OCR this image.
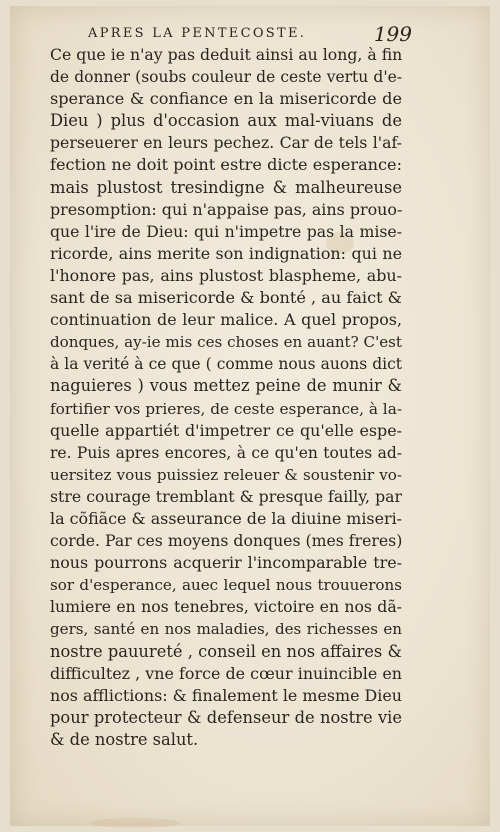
APRES LA PENTECOSTE.	199
Ce que ie n'ay pas deduit ainsi au long, à fin
de donner (soubs couleur de ceste vertu d'e-
sperance & confiance en la misericorde de
Dieu ) plus d'occasion aux mal-viuans de
perseuerer en leurs pechez. Car de tels l'af-
fection ne doit point estre dicte esperance:
mais plustost tresindigne & malheureuse
presomption: qui n'appaise pas, ains prouo-
que l'ire de Dieu: qui n'impetre pas la mise-
ricorde, ains merite son indignation: qui ne
l'honore pas, ains plustost blaspheme, abu-
sant de sa misericorde & bonté , au faict &
continuation de leur malice. A quel propos,
donques, ay-ie mis ces choses en auant? C'est
à la verité à ce que ( comme nous auons dict
naguieres ) vous mettez peine de munir &
fortifier vos prieres, de ceste esperance, à la-
quelle appartiét d'impetrer ce qu'elle espe-
re. Puis apres encores, à ce qu'en toutes ad-
uersitez vous puissiez releuer & soustenir vo-
stre courage tremblant & presque failly, par
la cõfiãce & asseurance de la diuine miseri-
corde. Par ces moyens donques (mes freres)
nous pourrons acquerir l'incomparable tre-
sor d'esperance, auec lequel nous trouuerons
lumiere en nos tenebres, victoire en nos dã-
gers, santé en nos maladies, des richesses en
nostre pauureté , conseil en nos affaires &
difficultez , vne force de cœur inuincible en
nos afflictions: & finalement le mesme Dieu
pour protecteur & defenseur de nostre vie
& de nostre salut.
